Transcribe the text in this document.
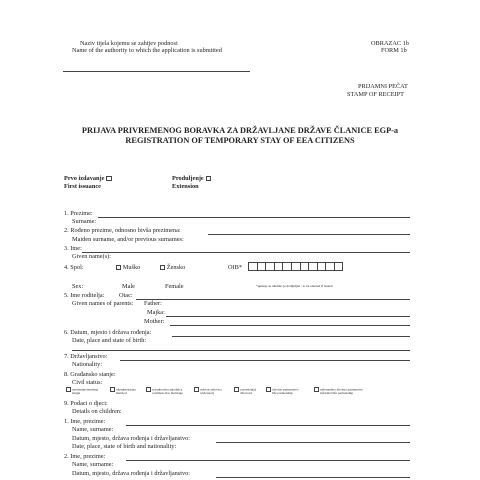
Naziv tijela kojemu se zahtjev podnosi
Name of the authority to which the application is submitted
OBRAZAC 1b
FORM 1b
PRIJAMNI PEČAT
STAMP OF RECEIPT
PRIJAVA PRIVREMENOG BORAVKA ZA DRŽAVLJANE DRŽAVE ČLANICE EGP-a
REGISTRATION OF TEMPORARY STAY OF EEA CITIZENS
Prvo izdavanje
First issuance
Produljenje
Extension
1. Prezime:
Surname:
2. Rođeno prezime, odnosno bivša prezimena:
Maiden surname, and/or previous surnames:
3. Ime:
Given name(s):
4. Spol:	Muško	Žensko	OIB*
Sex:	Male	Female	*upisuje se ukoliko je dodijeljen / to be entered if issued
5. Ime roditelja: Otac:
Given names of parents: Father:
Majka:
Mother:
6. Datum, mjesto i država rođenja:
Date, place and state of birth:
7. Državljanstvo:
Nationality:
8. Građansko stanje:
Civil status:
neoženjen/neudana
single
oženjen/udana
married
izvanbračna zajednica
common-law marriage
udovac/udovica
widow(er)
razveden(a)
divorced
životno partnerstvo
life partnership
neformalno životno partnerstvo
informal life partnership
9. Podaci o djeci:
Details on children:
1. Ime, prezime:
Name, surname:
Datum, mjesto, država rođenja i državljanstvo:
Date, place, state of birth and nationality:
2. Ime, prezime:
Name, surname:
Datum, mjesto, država rođenja i državljanstvo:
